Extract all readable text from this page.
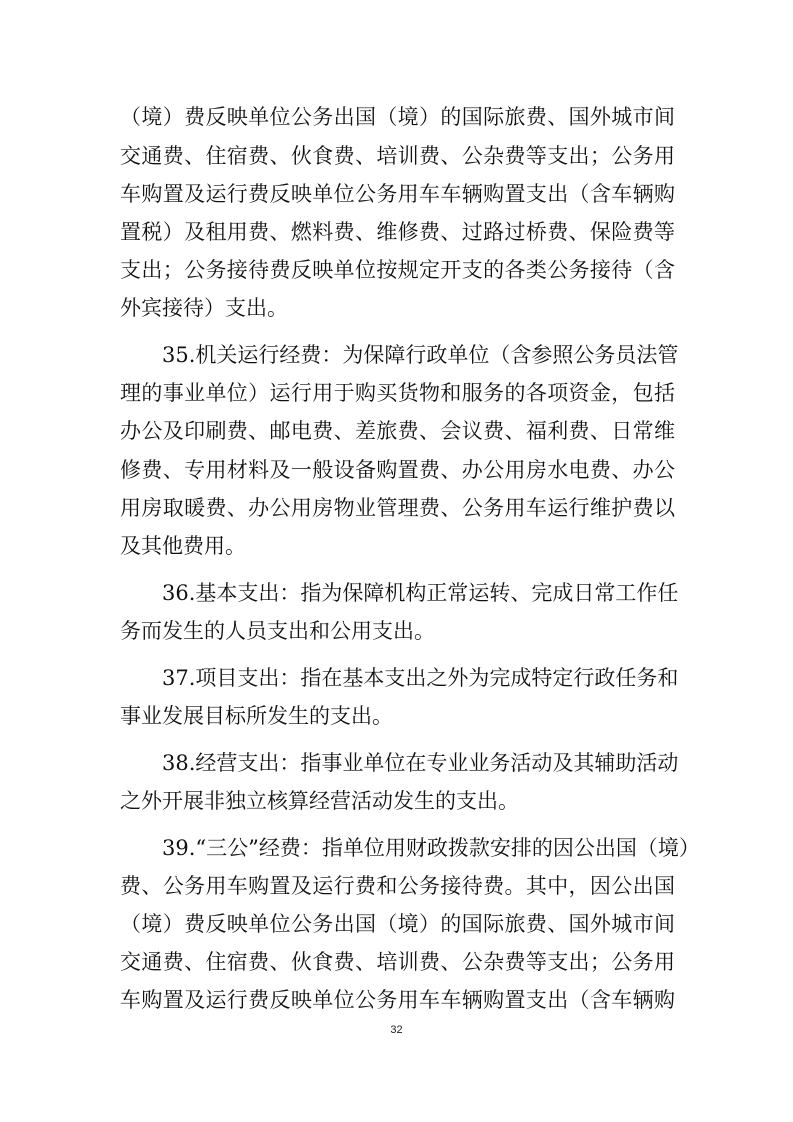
（境）费反映单位公务出国（境）的国际旅费、国外城市间
交通费、住宿费、伙食费、培训费、公杂费等支出；公务用
车购置及运行费反映单位公务用车车辆购置支出（含车辆购
置税）及租用费、燃料费、维修费、过路过桥费、保险费等
支出；公务接待费反映单位按规定开支的各类公务接待（含
外宾接待）支出。
35.机关运行经费：为保障行政单位（含参照公务员法管
理的事业单位）运行用于购买货物和服务的各项资金，包括
办公及印刷费、邮电费、差旅费、会议费、福利费、日常维
修费、专用材料及一般设备购置费、办公用房水电费、办公
用房取暖费、办公用房物业管理费、公务用车运行维护费以
及其他费用。
36.基本支出：指为保障机构正常运转、完成日常工作任
务而发生的人员支出和公用支出。
37.项目支出：指在基本支出之外为完成特定行政任务和
事业发展目标所发生的支出。
38.经营支出：指事业单位在专业业务活动及其辅助活动
之外开展非独立核算经营活动发生的支出。
39.“三公”经费：指单位用财政拨款安排的因公出国（境）
费、公务用车购置及运行费和公务接待费。其中，因公出国
（境）费反映单位公务出国（境）的国际旅费、国外城市间
交通费、住宿费、伙食费、培训费、公杂费等支出；公务用
车购置及运行费反映单位公务用车车辆购置支出（含车辆购
32
